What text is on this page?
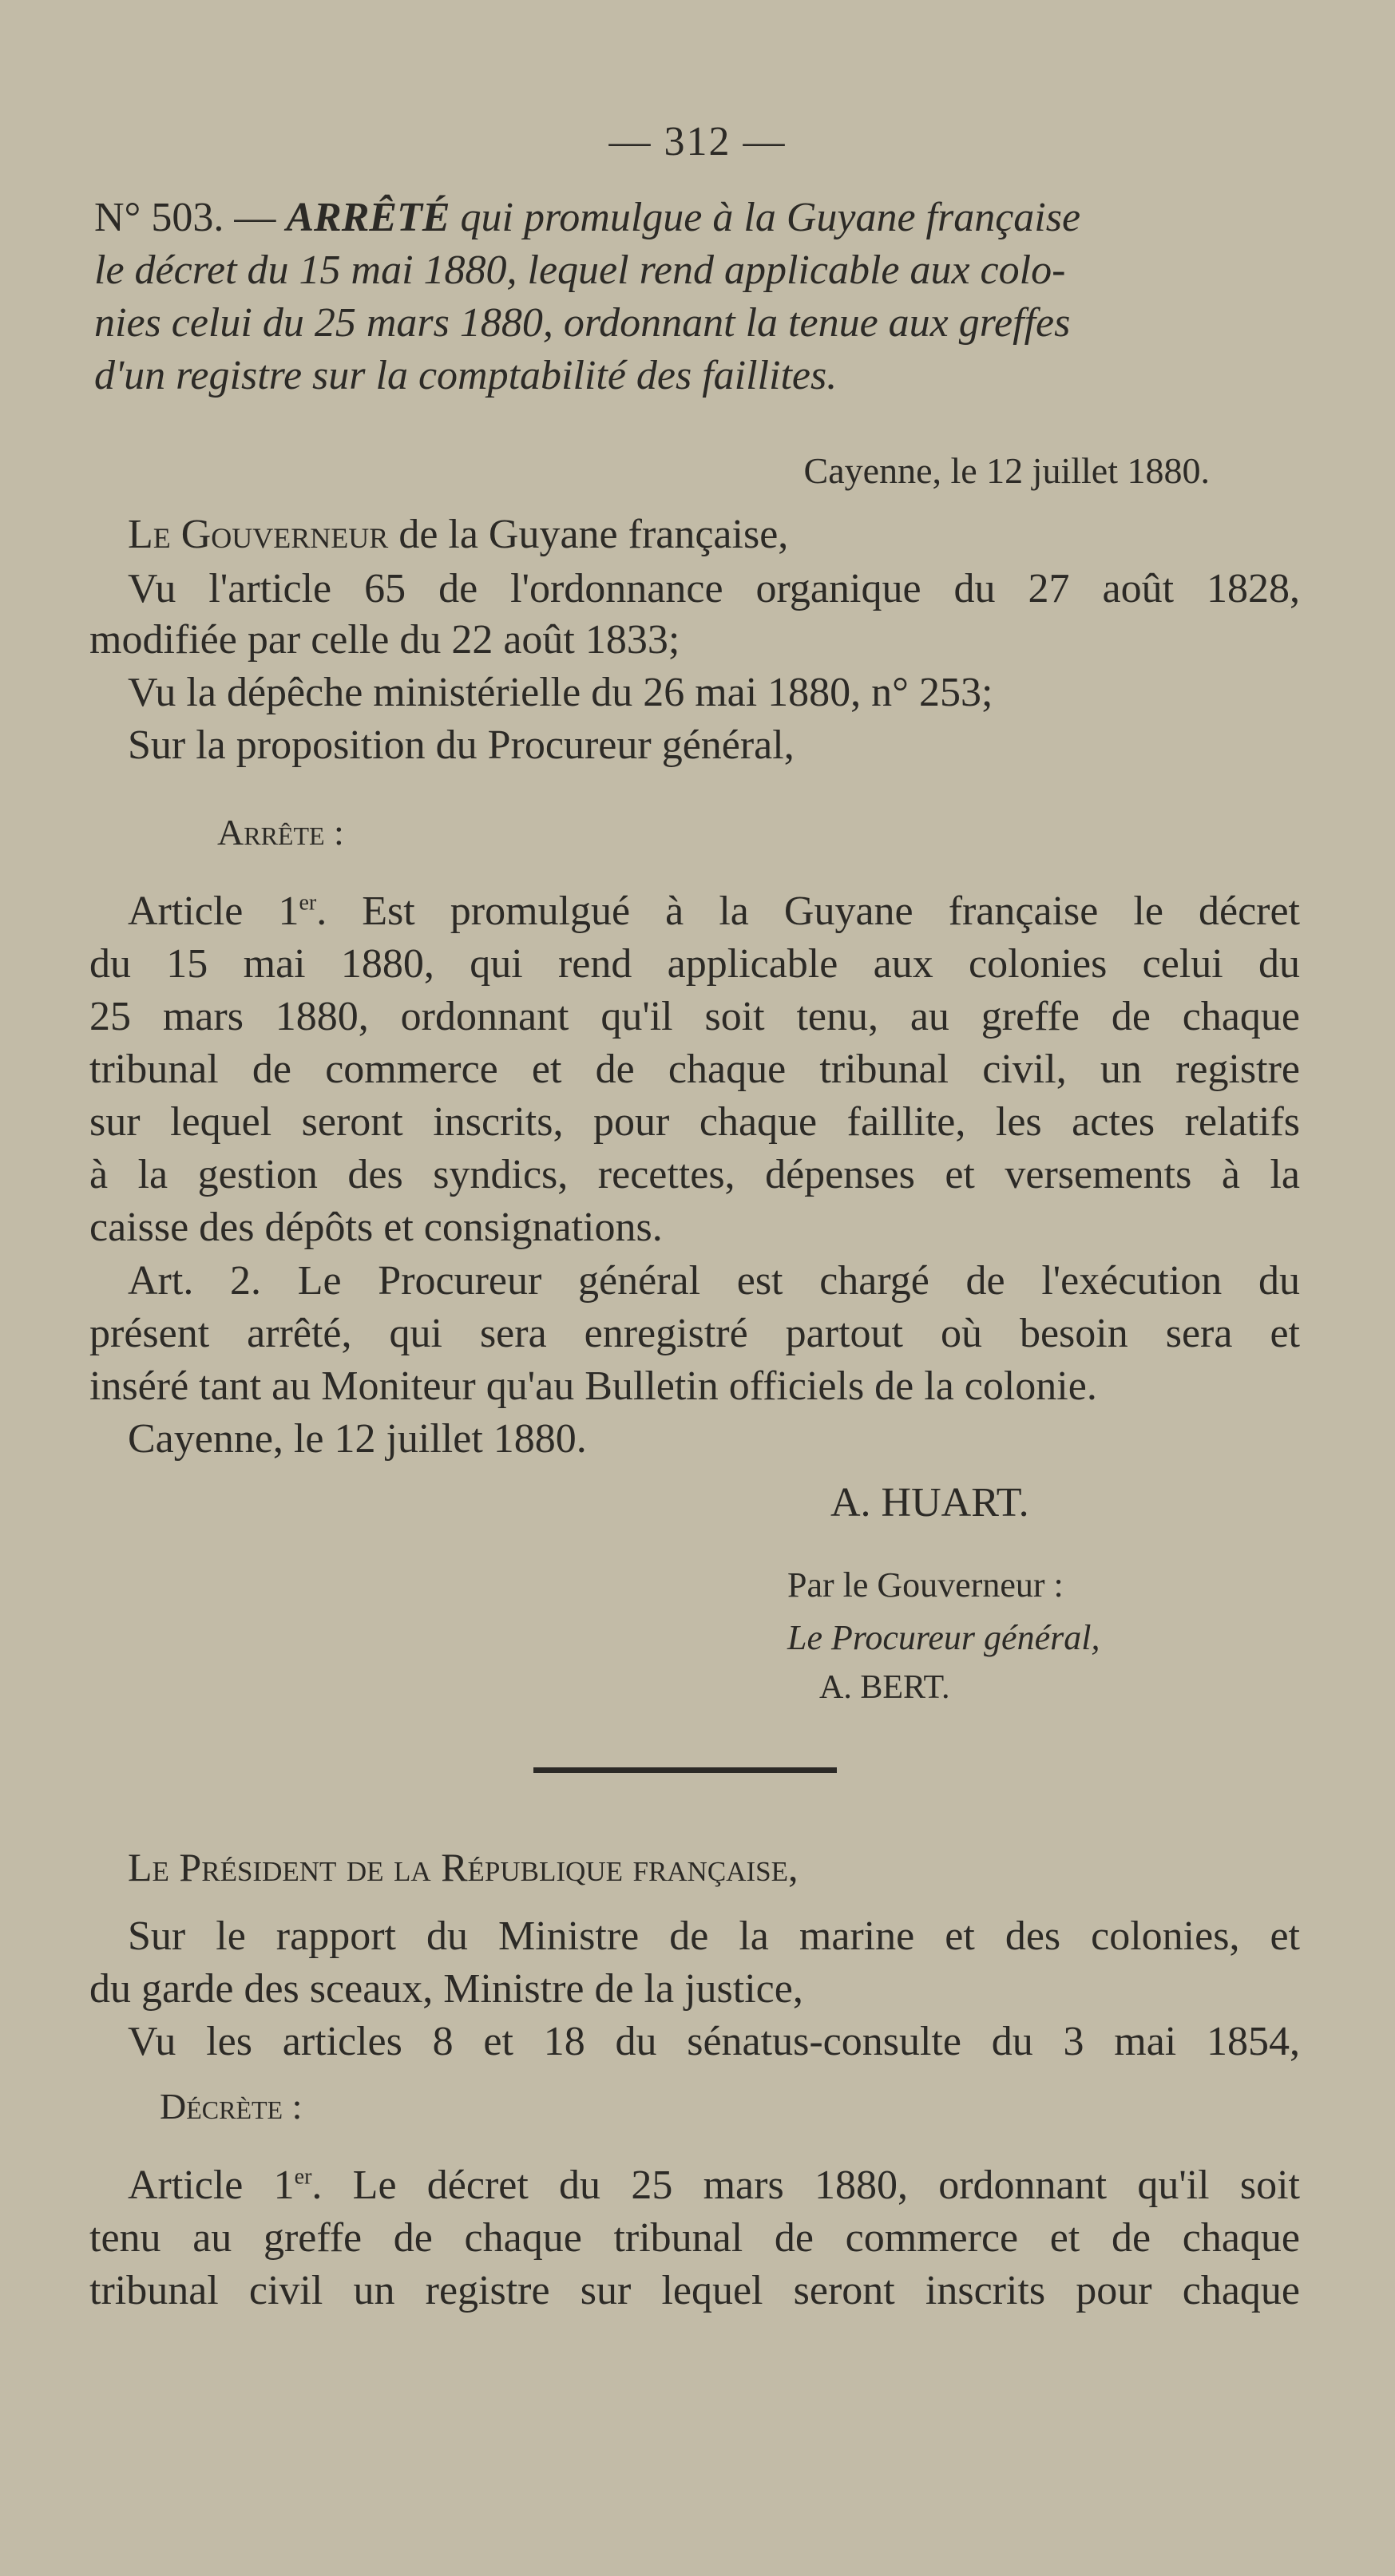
— 312 —
N° 503. — ARRÊTÉ qui promulgue à la Guyane française
le décret du 15 mai 1880, lequel rend applicable aux colo-
nies celui du 25 mars 1880, ordonnant la tenue aux greffes
d'un registre sur la comptabilité des faillites.
Cayenne, le 12 juillet 1880.
Le Gouverneur de la Guyane française,
Vu l'article 65 de l'ordonnance organique du 27 août 1828,
modifiée par celle du 22 août 1833;
Vu la dépêche ministérielle du 26 mai 1880, n° 253;
Sur la proposition du Procureur général,
Arrête :
Article 1er. Est promulgué à la Guyane française le décret
du 15 mai 1880, qui rend applicable aux colonies celui du
25 mars 1880, ordonnant qu'il soit tenu, au greffe de chaque
tribunal de commerce et de chaque tribunal civil, un registre
sur lequel seront inscrits, pour chaque faillite, les actes relatifs
à la gestion des syndics, recettes, dépenses et versements à la
caisse des dépôts et consignations.
Art. 2. Le Procureur général est chargé de l'exécution du
présent arrêté, qui sera enregistré partout où besoin sera et
inséré tant au Moniteur qu'au Bulletin officiels de la colonie.
Cayenne, le 12 juillet 1880.
A. HUART.
Par le Gouverneur :
Le Procureur général,
A. BERT.
Le Président de la République française,
Sur le rapport du Ministre de la marine et des colonies, et
du garde des sceaux, Ministre de la justice,
Vu les articles 8 et 18 du sénatus-consulte du 3 mai 1854,
Décrète :
Article 1er. Le décret du 25 mars 1880, ordonnant qu'il soit
tenu au greffe de chaque tribunal de commerce et de chaque
tribunal civil un registre sur lequel seront inscrits pour chaque
